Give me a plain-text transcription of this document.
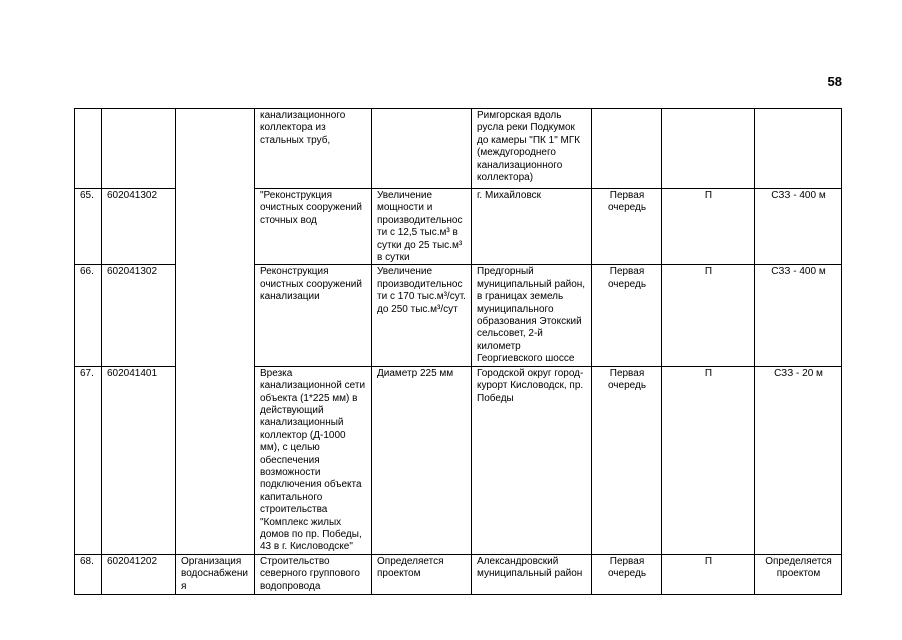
58
			канализационного коллектора из стальных труб,		Римгорская вдоль русла реки Подкумок до камеры "ПК 1" МГК (междугороднего канализационного коллектора)			
65.	602041302		"Реконструкция очистных сооружений сточных вод	Увеличение мощности и производительности с 12,5 тыс.м³ в сутки до 25 тыс.м³ в сутки	г. Михайловск	Первая очередь	П	СЗЗ - 400 м
66.	602041302		Реконструкция очистных сооружений канализации	Увеличение производительности с 170 тыс.м³/сут. до 250 тыс.м³/сут	Предгорный муниципальный район, в границах земель муниципального образования Этокский сельсовет, 2-й километр Георгиевского шоссе	Первая очередь	П	СЗЗ - 400 м
67.	602041401		Врезка канализационной сети объекта (1*225 мм) в действующий канализационный коллектор (Д-1000 мм), с целью обеспечения возможности подключения объекта капитального строительства "Комплекс жилых домов по пр. Победы, 43 в г. Кисловодске"	Диаметр 225 мм	Городской округ город-курорт Кисловодск, пр. Победы	Первая очередь	П	СЗЗ - 20 м
68.	602041202	Организация водоснабжения	Строительство северного группового водопровода	Определяется проектом	Александровский муниципальный район	Первая очередь	П	Определяется проектом
